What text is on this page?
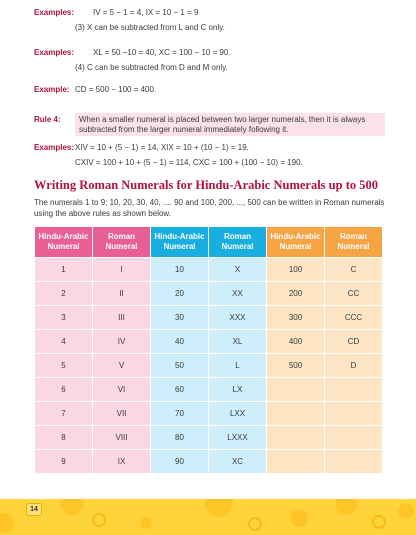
Examples: IV = 5 − 1 = 4, IX = 10 − 1 = 9
(3) X can be subtracted from L and C only.
Examples: XL = 50 −10 = 40, XC = 100 − 10 = 90.
(4) C can be subtracted from D and M only.
Example: CD = 500 − 100 = 400.
Rule 4:	When a smaller numeral is placed between two larger numerals, then it is always subtracted from the larger numeral immediately following it.
Examples: XIV = 10 + (5 − 1) = 14, XIX = 10 + (10 − 1) = 19,
CXIV = 100 + 10 + (5 − 1) = 114, CXC = 100 + (100 − 10) = 190.
Writing Roman Numerals for Hindu-Arabic Numerals up to 500
The numerals 1 to 9; 10, 20, 30, 40, .... 90 and 100, 200, ..., 500 can be written in Roman numerals using the above rules as shown below.
Hindu-Arabic Numeral	Roman Numeral	Hindu-Arabic Numeral	Roman Numeral	Hindu-Arabic Numeral	Roman Numeral
1	I	10	X	100	C
2	II	20	XX	200	CC
3	III	30	XXX	300	CCC
4	IV	40	XL	400	CD
5	V	50	L	500	D
6	VI	60	LX		
7	VII	70	LXX		
8	VIII	80	LXXX		
9	IX	90	XC		
14
